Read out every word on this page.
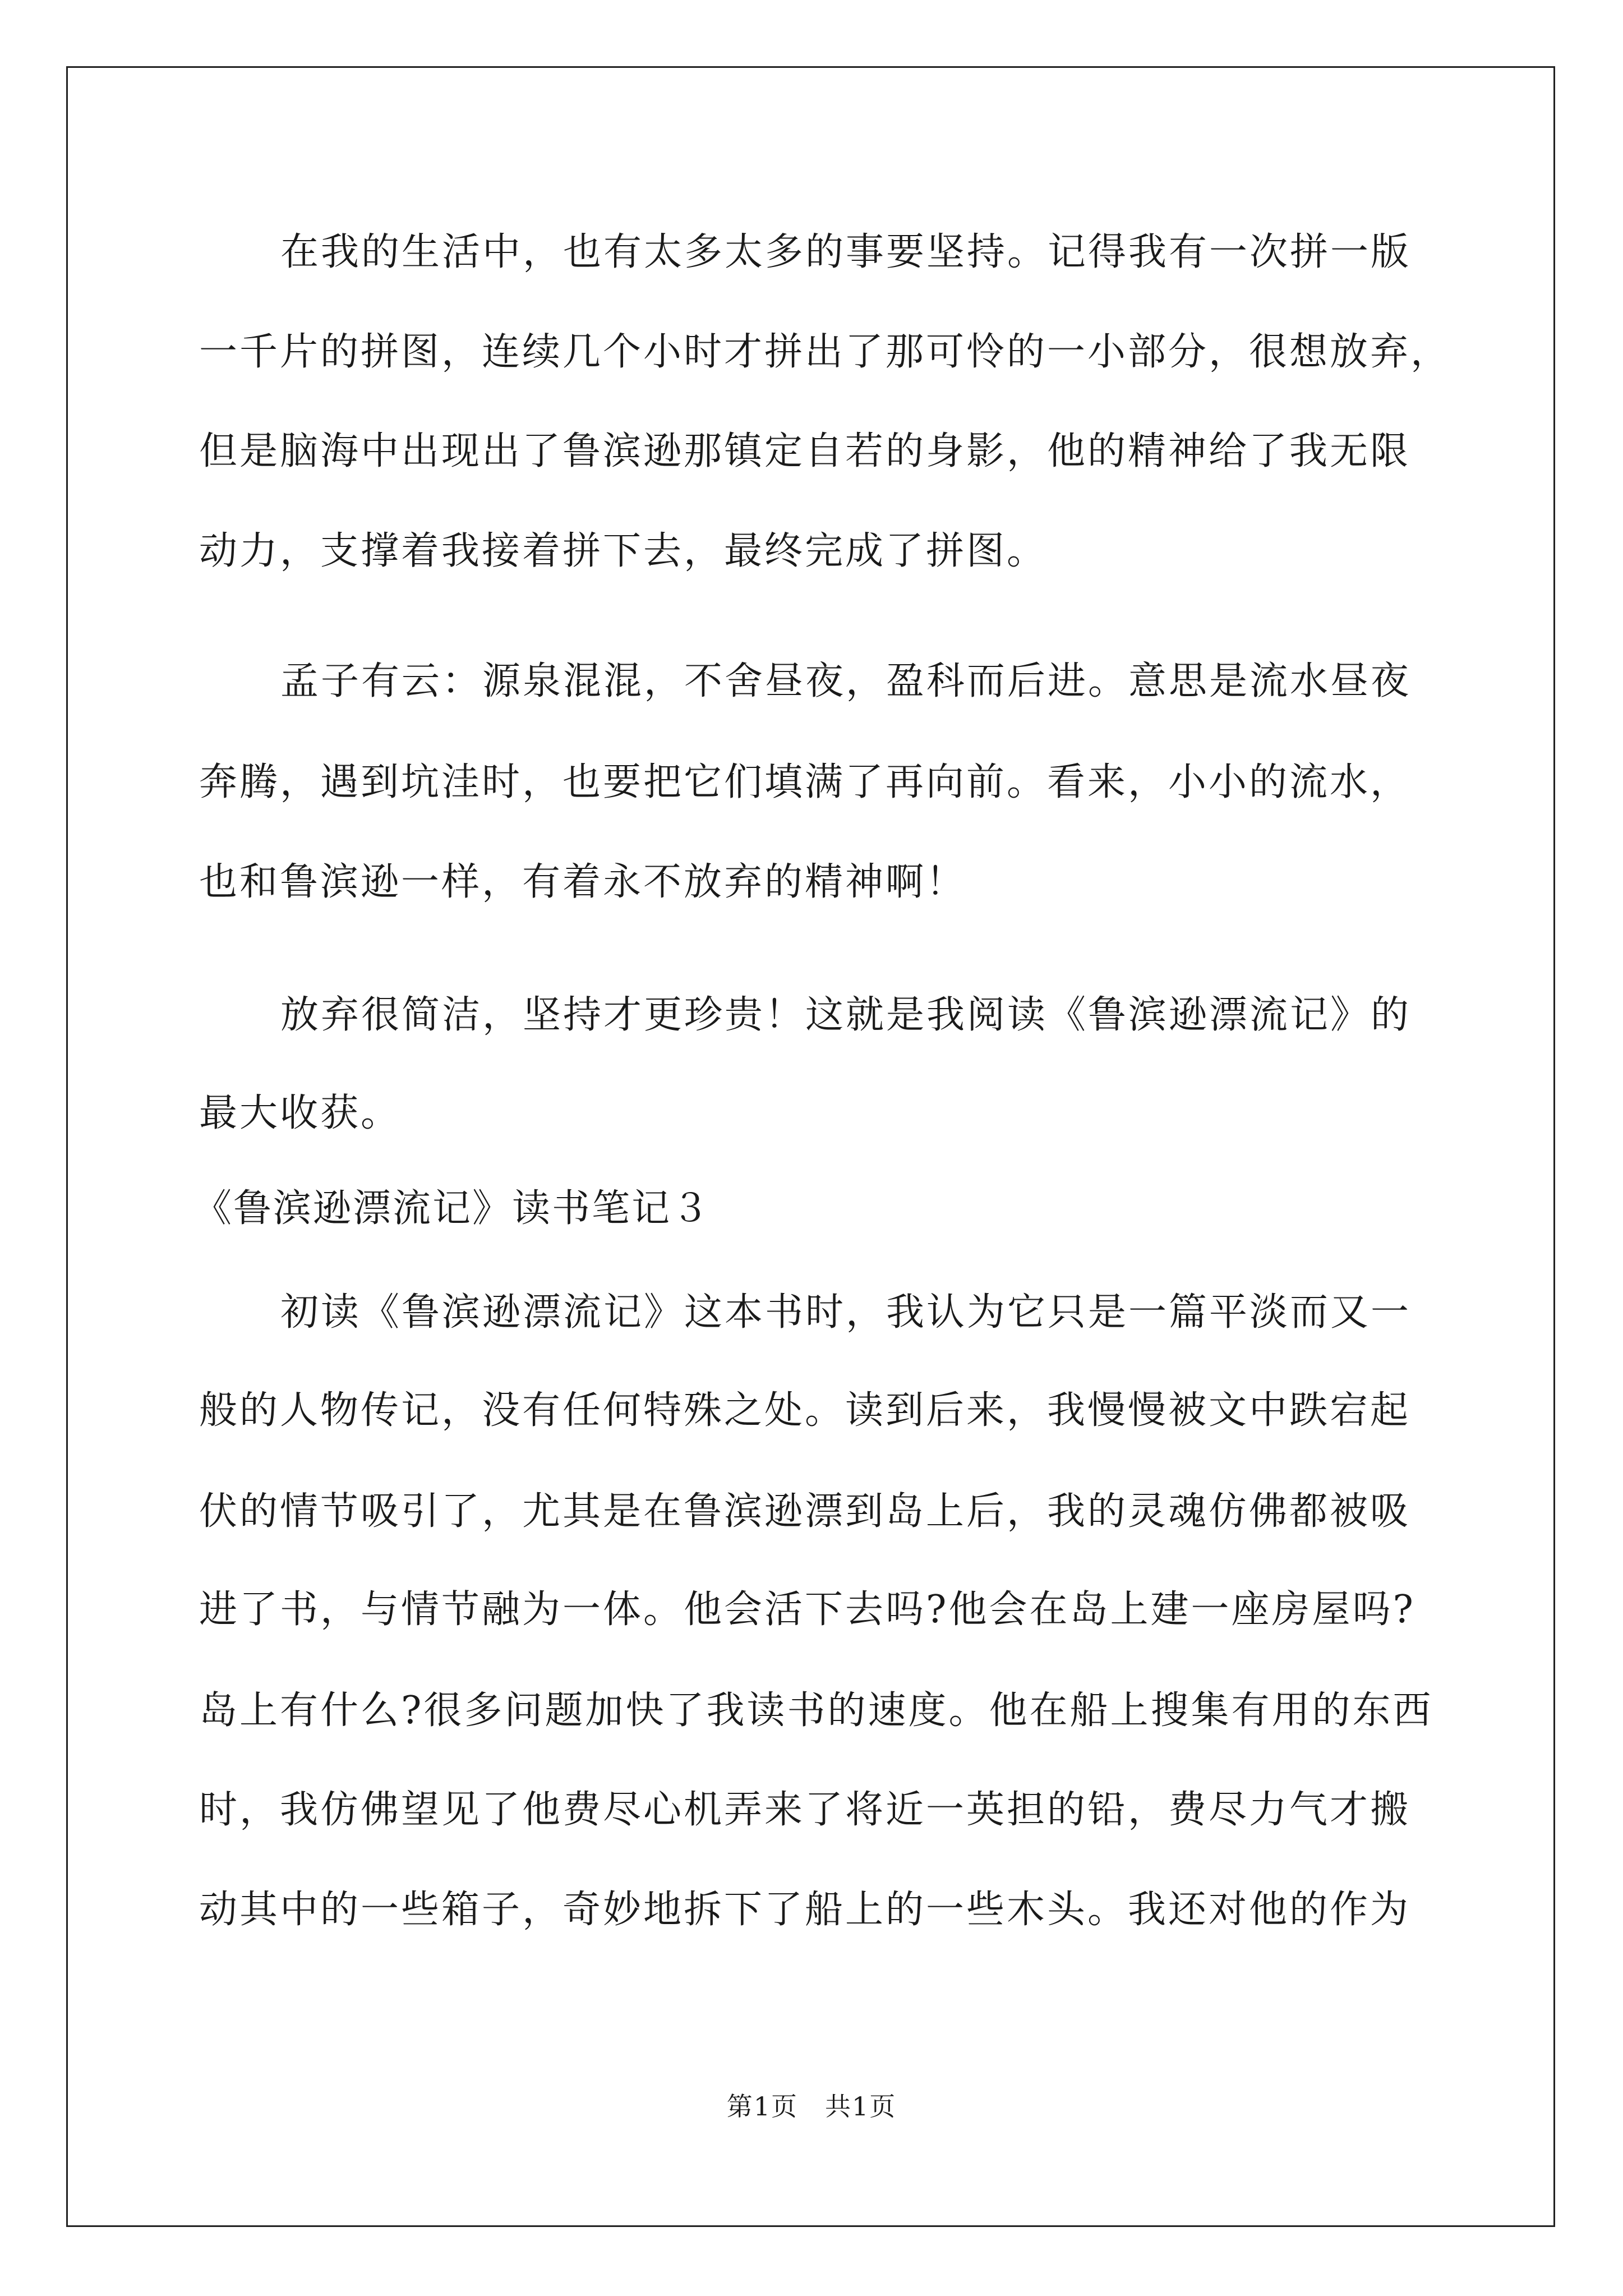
在我的生活中，也有太多太多的事要坚持。记得我有一次拼一版

一千片的拼图，连续几个小时才拼出了那可怜的一小部分，很想放弃，

但是脑海中出现出了鲁滨逊那镇定自若的身影，他的精神给了我无限

动力，支撑着我接着拼下去，最终完成了拼图。

孟子有云：源泉混混，不舍昼夜，盈科而后进。意思是流水昼夜

奔腾，遇到坑洼时，也要把它们填满了再向前。看来，小小的流水，

也和鲁滨逊一样，有着永不放弃的精神啊！

放弃很简洁，坚持才更珍贵！这就是我阅读《鲁滨逊漂流记》的

最大收获。

《鲁滨逊漂流记》读书笔记３

初读《鲁滨逊漂流记》这本书时，我认为它只是一篇平淡而又一

般的人物传记，没有任何特殊之处。读到后来，我慢慢被文中跌宕起

伏的情节吸引了，尤其是在鲁滨逊漂到岛上后，我的灵魂仿佛都被吸

进了书，与情节融为一体。他会活下去吗?他会在岛上建一座房屋吗?

岛上有什么?很多问题加快了我读书的速度。他在船上搜集有用的东西

时，我仿佛望见了他费尽心机弄来了将近一英担的铅，费尽力气才搬

动其中的一些箱子，奇妙地拆下了船上的一些木头。我还对他的作为

第1页　共1页
